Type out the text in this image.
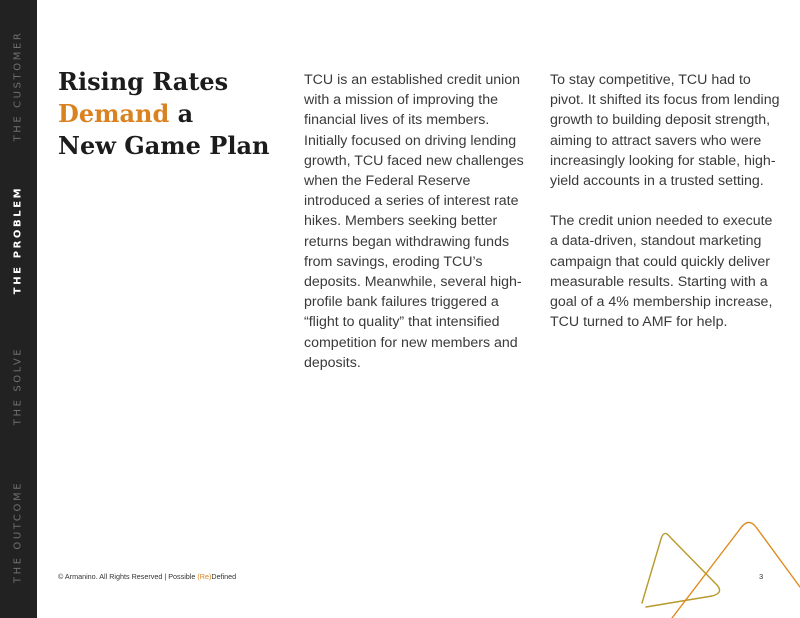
THE CUSTOMER
THE PROBLEM
THE SOLVE
THE OUTCOME
Rising Rates
Demand a
New Game Plan

TCU is an established credit union with a mission of improving the financial lives of its members. Initially focused on driving lending growth, TCU faced new challenges when the Federal Reserve introduced a series of interest rate hikes. Members seeking better returns began withdrawing funds from savings, eroding TCU’s deposits. Meanwhile, several high-profile bank failures triggered a “flight to quality” that intensified competition for new members and deposits.

To stay competitive, TCU had to pivot. It shifted its focus from lending growth to building deposit strength, aiming to attract savers who were increasingly looking for stable, high-yield accounts in a trusted setting.

The credit union needed to execute a data-driven, standout marketing campaign that could quickly deliver measurable results. Starting with a goal of a 4% membership increase, TCU turned to AMF for help.

© Armanino. All Rights Reserved | Possible (Re)Defined	3
